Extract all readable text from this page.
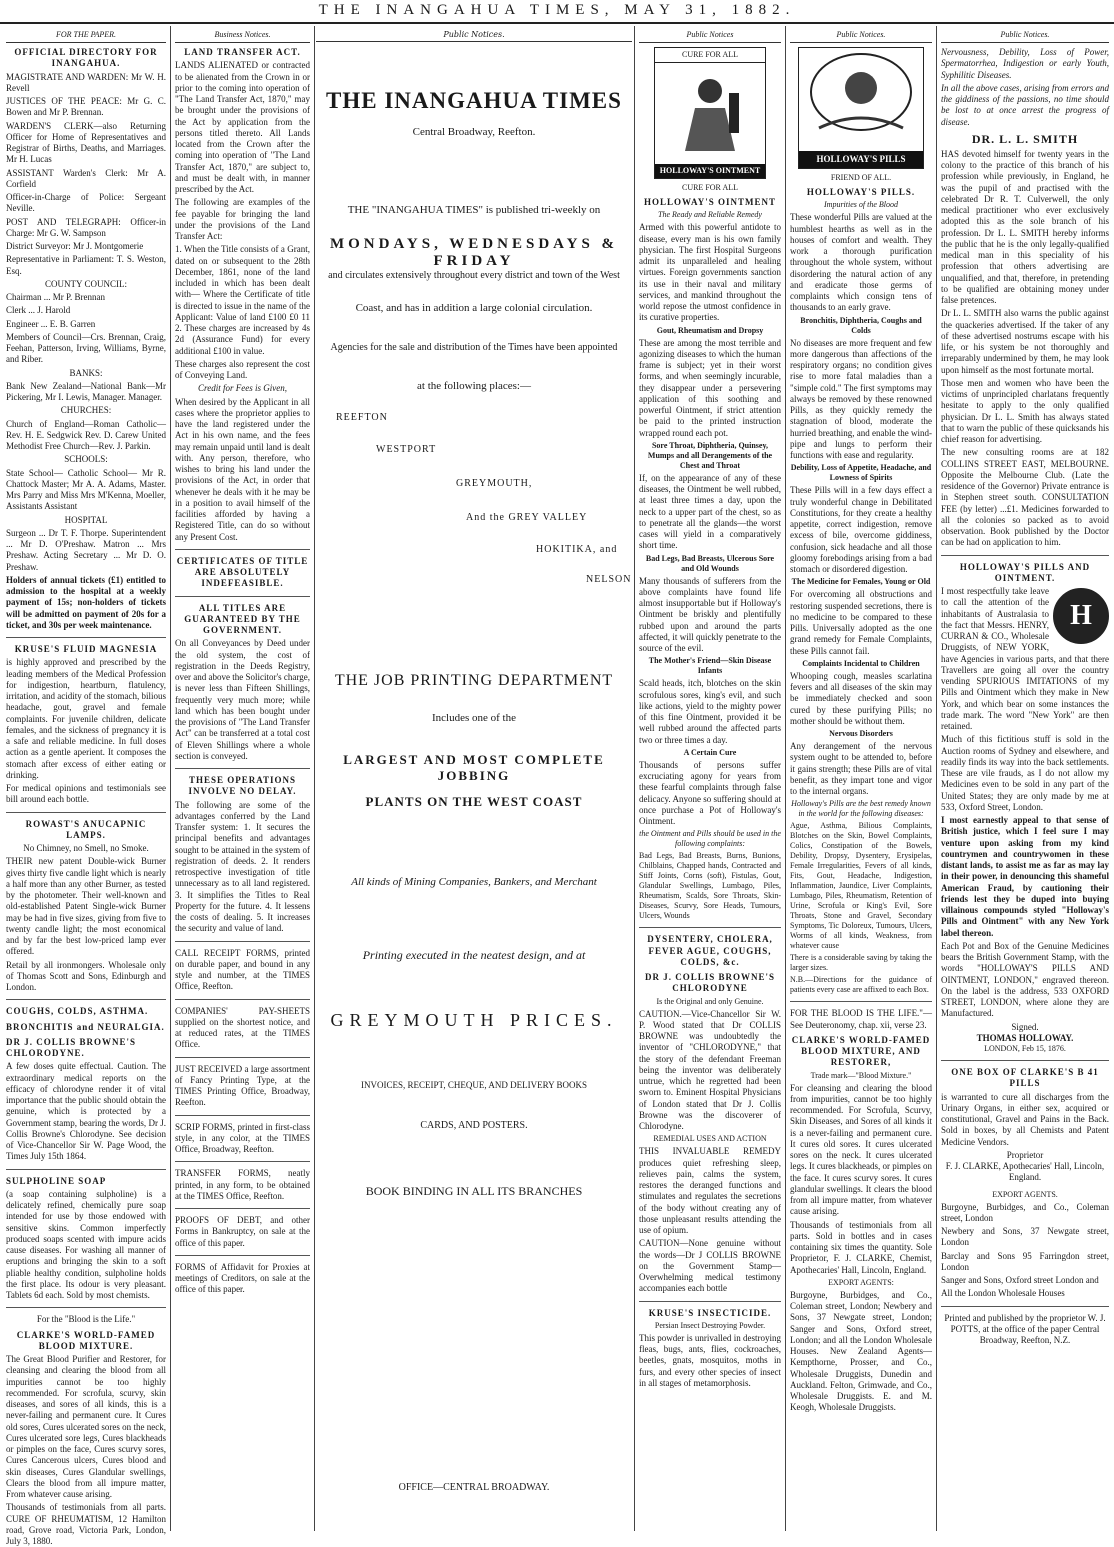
THE INANGAHUA TIMES, MAY 31, 1882.
FOR THE PAPER.
OFFICIAL DIRECTORY FOR INANGAHUA.

MAGISTRATE AND WARDEN: Mr W. H. Revell

JUSTICES OF THE PEACE: Mr G. C. Bowen and Mr P. Brennan.

WARDEN'S CLERK—also Returning Officer for Home of Representatives and Registrar of Births, Deaths, and Marriages. Mr H. Lucas

ASSISTANT Warden's Clerk: Mr A. Corfield

Officer-in-Charge of Police: Sergeant Neville.

POST AND TELEGRAPH: Officer-in Charge: Mr G. W. Sampson

District Surveyor: Mr J. Montgomerie

Representative in Parliament: T. S. Weston, Esq.

COUNTY COUNCIL:

Chairman ... Mr P. Brennan

Clerk ... J. Harold

Engineer ... E. B. Garren

Members of Council—Crs. Brennan, Craig, Feehan, Patterson, Irving, Williams, Byrne, and Riber.

BANKS:

Bank New Zealand—National Bank—Mr Pickering, Mr I. Lewis, Manager. Manager.

CHURCHES:

Church of England—Roman Catholic—Rev. H. E. Sedgwick Rev. D. Carew United Methodist Free Church—Rev. J. Parkin.

SCHOOLS:

State School— Catholic School— Mr R. Chattock Master; Mr A. A. Adams, Master. Mrs Parry and Miss Mrs M'Kenna, Moeller, Assistants Assistant

HOSPITAL

Surgeon ... Dr T. F. Thorpe. Superintendent ... Mr D. O'Preshaw. Matron ... Mrs Preshaw. Acting Secretary ... Mr D. O. Preshaw.

Holders of annual tickets (£1) entitled to admission to the hospital at a weekly payment of 15s; non-holders of tickets will be admitted on payment of 20s for a ticket, and 30s per week maintenance.

KRUSE'S FLUID MAGNESIA

is highly approved and prescribed by the leading members of the Medical Profession for indigestion, heartburn, flatulency, irritation, and acidity of the stomach, bilious headache, gout, gravel and female complaints. For juvenile children, delicate females, and the sickness of pregnancy it is a safe and reliable medicine. In full doses action as a gentle aperient. It composes the stomach after excess of either eating or drinking.

For medical opinions and testimonials see bill around each bottle.

ROWAST'S ANUCAPNIC LAMPS.
No Chimney, no Smell, no Smoke.

THEIR new patent Double-wick Burner gives thirty five candle light which is nearly a half more than any other Burner, as tested by the photometer. Their well-known and old-established Patent Single-wick Burner may be had in five sizes, giving from five to twenty candle light; the most economical and by far the best low-priced lamp ever offered.

Retail by all ironmongers. Wholesale only of Thomas Scott and Sons, Edinburgh and London.

COUGHS, COLDS, ASTHMA.
BRONCHITIS and NEURALGIA.
DR J. COLLIS BROWNE'S CHLORODYNE.

A few doses quite effectual. Caution. The extraordinary medical reports on the efficacy of chlorodyne render it of vital importance that the public should obtain the genuine, which is protected by a Government stamp, bearing the words, Dr J. Collis Browne's Chlorodyne. See decision of Vice-Chancellor Sir W. Page Wood, the Times July 15th 1864.

SULPHOLINE SOAP

(a soap containing sulpholine) is a delicately refined, chemically pure soap intended for use by those endowed with sensitive skins. Common imperfectly produced soaps scented with impure acids cause diseases. For washing all manner of eruptions and bringing the skin to a soft pliable healthy condition, sulpholine holds the first place. Its odour is very pleasant. Tablets 6d each. Sold by most chemists.

For the "Blood is the Life."
CLARKE'S WORLD-FAMED BLOOD MIXTURE.

The Great Blood Purifier and Restorer, for cleansing and clearing the blood from all impurities cannot be too highly recommended. For scrofula, scurvy, skin diseases, and sores of all kinds, this is a never-failing and permanent cure. It Cures old sores, Cures ulcerated sores on the neck, Cures ulcerated sore legs, Cures blackheads or pimples on the face, Cures scurvy sores, Cures Cancerous ulcers, Cures blood and skin diseases, Cures Glandular swellings, Clears the blood from all impure matter, From whatever cause arising.

Thousands of testimonials from all parts. CURE OF RHEUMATISM, 12 Hamilton road, Grove road, Victoria Park, London, July 3, 1880.

Business Notices.
LAND TRANSFER ACT.

LANDS ALIENATED or contracted to be alienated from the Crown in or prior to the coming into operation of "The Land Transfer Act, 1870," may be brought under the provisions of the Act by application from the persons titled thereto. All Lands located from the Crown after the coming into operation of "The Land Transfer Act, 1870," are subject to, and must be dealt with, in manner prescribed by the Act.

The following are examples of the fee payable for bringing the land under the provisions of the Land Transfer Act:

1. When the Title consists of a Grant, dated on or subsequent to the 28th December, 1861, none of the land included in which has been dealt with— Where the Certificate of title is directed to issue in the name of the Applicant: Value of land £100 £0 11 2. These charges are increased by 4s 2d (Assurance Fund) for every additional £100 in value.

These charges also represent the cost of Conveying Land.

Credit for Fees is Given,

When desired by the Applicant in all cases where the proprietor applies to have the land registered under the Act in his own name, and the fees may remain unpaid until land is dealt with. Any person, therefore, who wishes to bring his land under the provisions of the Act, in order that whenever he deals with it he may be in a position to avail himself of the facilities afforded by having a Registered Title, can do so without any Present Cost.

CERTIFICATES OF TITLE ARE ABSOLUTELY INDEFEASIBLE.
ALL TITLES ARE GUARANTEED BY THE GOVERNMENT.

On all Conveyances by Deed under the old system, the cost of registration in the Deeds Registry, over and above the Solicitor's charge, is never less than Fifteen Shillings, frequently very much more; while land which has been bought under the provisions of "The Land Transfer Act" can be transferred at a total cost of Eleven Shillings where a whole section is conveyed.

THESE OPERATIONS INVOLVE NO DELAY.

The following are some of the advantages conferred by the Land Transfer system: 1. It secures the principal benefits and advantages sought to be attained in the system of registration of deeds. 2. It renders retrospective investigation of title unnecessary as to all land registered. 3. It simplifies the Titles to Real Property for the future. 4. It lessens the costs of dealing. 5. It increases the security and value of land.

CALL RECEIPT FORMS, printed on durable paper, and bound in any style and number, at the TIMES Office, Reefton.

COMPANIES' PAY-SHEETS supplied on the shortest notice, and at reduced rates, at the TIMES Office.

JUST RECEIVED a large assortment of Fancy Printing Type, at the TIMES Printing Office, Broadway, Reefton.

SCRIP FORMS, printed in first-class style, in any color, at the TIMES Office, Broadway, Reefton.

TRANSFER FORMS, neatly printed, in any form, to be obtained at the TIMES Office, Reefton.

PROOFS OF DEBT, and other Forms in Bankruptcy, on sale at the office of this paper.

FORMS of Affidavit for Proxies at meetings of Creditors, on sale at the office of this paper.

Public Notices.
THE INANGAHUA TIMES
Central Broadway, Reefton.
THE "INANGAHUA TIMES" is published tri-weekly on
MONDAYS, WEDNESDAYS & FRIDAY
and circulates extensively throughout every district and town of the West
Coast, and has in addition a large colonial circulation.
Agencies for the sale and distribution of the Times have been appointed
at the following places:—
REEFTON
WESTPORT
GREYMOUTH,
And the GREY VALLEY
HOKITIKA, and
NELSON
THE JOB PRINTING DEPARTMENT
Includes one of the
LARGEST AND MOST COMPLETE JOBBING
PLANTS ON THE WEST COAST
All kinds of Mining Companies, Bankers, and Merchant
Printing executed in the neatest design, and at
GREYMOUTH PRICES.
INVOICES, RECEIPT, CHEQUE, AND DELIVERY BOOKS
CARDS, AND POSTERS.
BOOK BINDING IN ALL ITS BRANCHES
OFFICE—CENTRAL BROADWAY.
Public Notices
CURE FOR ALL
HOLLOWAY'S OINTMENT
CURE FOR ALL
HOLLOWAY'S OINTMENT
The Ready and Reliable Remedy

Armed with this powerful antidote to disease, every man is his own family physician. The first Hospital Surgeons admit its unparalleled and healing virtues. Foreign governments sanction its use in their naval and military services, and mankind throughout the world repose the utmost confidence in its curative properties.

Gout, Rheumatism and Dropsy

These are among the most terrible and agonizing diseases to which the human frame is subject; yet in their worst forms, and when seemingly incurable, they disappear under a persevering application of this soothing and powerful Ointment, if strict attention be paid to the printed instruction wrapped round each pot.

Sore Throat, Diphtheria, Quinsey, Mumps and all Derangements of the Chest and Throat

If, on the appearance of any of these diseases, the Ointment be well rubbed, at least three times a day, upon the neck to a upper part of the chest, so as to penetrate all the glands—the worst cases will yield in a comparatively short time.

Bad Legs, Bad Breasts, Ulcerous Sore and Old Wounds

Many thousands of sufferers from the above complaints have found life almost insupportable but if Holloway's Ointment be briskly and plentifully rubbed upon and around the parts affected, it will quickly penetrate to the source of the evil.

The Mother's Friend—Skin Disease Infants

Scald heads, itch, blotches on the skin scrofulous sores, king's evil, and such like actions, yield to the mighty power of this fine Ointment, provided it be well rubbed around the affected parts two or three times a day.

A Certain Cure

Thousands of persons suffer excruciating agony for years from these fearful complaints through false delicacy. Anyone so suffering should at once purchase a Pot of Holloway's Ointment.

the Ointment and Pills should be used in the following complaints:

Bad Legs, Bad Breasts, Burns, Bunions, Chilblains, Chapped hands, Contracted and Stiff Joints, Corns (soft), Fistulas, Gout, Glandular Swellings, Lumbago, Piles, Rheumatism, Scalds, Sore Throats, Skin-Diseases, Scurvy, Sore Heads, Tumours, Ulcers, Wounds

DYSENTERY, CHOLERA, FEVER AGUE, COUGHS, COLDS, &c.
DR J. COLLIS BROWNE'S CHLORODYNE
Is the Original and only Genuine.

CAUTION.—Vice-Chancellor Sir W. P. Wood stated that Dr COLLIS BROWNE was undoubtedly the inventor of "CHLORODYNE," that the story of the defendant Freeman being the inventor was deliberately untrue, which he regretted had been sworn to. Eminent Hospital Physicians of London stated that Dr J. Collis Browne was the discoverer of Chlorodyne.

REMEDIAL USES AND ACTION

THIS INVALUABLE REMEDY produces quiet refreshing sleep, relieves pain, calms the system, restores the deranged functions and stimulates and regulates the secretions of the body without creating any of those unpleasant results attending the use of opium.

CAUTION—None genuine without the words—Dr J COLLIS BROWNE on the Government Stamp—Overwhelming medical testimony accompanies each bottle

KRUSE'S INSECTICIDE.
Persian Insect Destroying Powder.

This powder is unrivalled in destroying fleas, bugs, ants, flies, cockroaches, beetles, gnats, mosquitos, moths in furs, and every other species of insect in all stages of metamorphosis.

Public Notices.
HOLLOWAY'S PILLS
FRIEND OF ALL.
HOLLOWAY'S PILLS.
Impurities of the Blood

These wonderful Pills are valued at the humblest hearths as well as in the houses of comfort and wealth. They work a thorough purification throughout the whole system, without disordering the natural action of any and eradicate those germs of complaints which consign tens of thousands to an early grave.

Bronchitis, Diphtheria, Coughs and Colds

No diseases are more frequent and few more dangerous than affections of the respiratory organs; no condition gives rise to more fatal maladies than a "simple cold." The first symptoms may always be removed by these renowned Pills, as they quickly remedy the stagnation of blood, moderate the hurried breathing, and enable the wind-pipe and lungs to perform their functions with ease and regularity.

Debility, Loss of Appetite, Headache, and Lowness of Spirits

These Pills will in a few days effect a truly wonderful change in Debilitated Constitutions, for they create a healthy appetite, correct indigestion, remove excess of bile, overcome giddiness, confusion, sick headache and all those gloomy forebodings arising from a bad stomach or disordered digestion.

The Medicine for Females, Young or Old

For overcoming all obstructions and restoring suspended secretions, there is no medicine to be compared to these Pills. Universally adopted as the one grand remedy for Female Complaints, these Pills cannot fail.

Complaints Incidental to Children

Whooping cough, measles scarlatina fevers and all diseases of the skin may be immediately checked and soon cured by these purifying Pills; no mother should be without them.

Nervous Disorders

Any derangement of the nervous system ought to be attended to, before it gains strength; these Pills are of vital benefit, as they impart tone and vigor to the internal organs.

Holloway's Pills are the best remedy known in the world for the following diseases:

Ague, Asthma, Bilious Complaints, Blotches on the Skin, Bowel Complaints, Colics, Constipation of the Bowels, Debility, Dropsy, Dysentery, Erysipelas, Female Irregularities, Fevers of all kinds, Fits, Gout, Headache, Indigestion, Inflammation, Jaundice, Liver Complaints, Lumbago, Piles, Rheumatism, Retention of Urine, Scrofula or King's Evil, Sore Throats, Stone and Gravel, Secondary Symptoms, Tic Doloreux, Tumours, Ulcers, Worms of all kinds, Weakness, from whatever cause

There is a considerable saving by taking the larger sizes.

N.B.—Directions for the guidance of patients every case are affixed to each Box.

FOR THE BLOOD IS THE LIFE."—See Deuteronomy, chap. xii, verse 23.

CLARKE'S WORLD-FAMED BLOOD MIXTURE, AND RESTORER,
Trade mark—"Blood Mixture."

For cleansing and clearing the blood from impurities, cannot be too highly recommended. For Scrofula, Scurvy, Skin Diseases, and Sores of all kinds it is a never-failing and permanent cure. It cures old sores. It cures ulcerated sores on the neck. It cures ulcerated legs. It cures blackheads, or pimples on the face. It cures scurvy sores. It cures glandular swellings. It clears the blood from all impure matter, from whatever cause arising.

Thousands of testimonials from all parts. Sold in bottles and in cases containing six times the quantity. Sole Proprietor, F. J. CLARKE, Chemist, Apothecaries' Hall, Lincoln, England.

EXPORT AGENTS:

Burgoyne, Burbidges, and Co., Coleman street, London; Newbery and Sons, 37 Newgate street, London; Sanger and Sons, Oxford street, London; and all the London Wholesale Houses. New Zealand Agents—Kempthorne, Prosser, and Co., Wholesale Druggists, Dunedin and Auckland. Felton, Grimwade, and Co., Wholesale Druggists. E. and M. Keogh, Wholesale Druggists.

Public Notices.

Nervousness, Debility, Loss of Power, Spermatorrhea, Indigestion or early Youth, Syphilitic Diseases.

In all the above cases, arising from errors and the giddiness of the passions, no time should be lost to at once arrest the progress of disease.

DR. L. L. SMITH

HAS devoted himself for twenty years in the colony to the practice of this branch of his profession while previously, in England, he was the pupil of and practised with the celebrated Dr R. T. Culverwell, the only medical practitioner who ever exclusively adopted this as the sole branch of his profession. Dr L. L. SMITH hereby informs the public that he is the only legally-qualified medical man in this speciality of his profession that others advertising are unqualified, and that, therefore, in pretending to be qualified are obtaining money under false pretences.

Dr L. L. SMITH also warns the public against the quackeries advertised. If the taker of any of these advertised nostrums escape with his life, or his system be not thoroughly and irreparably undermined by them, he may look upon himself as the most fortunate mortal.

Those men and women who have been the victims of unprincipled charlatans frequently hesitate to apply to the only qualified physician. Dr L. L. Smith has always stated that to warn the public of these quicksands his chief reason for advertising.

The new consulting rooms are at 182 COLLINS STREET EAST, MELBOURNE. Opposite the Melbourne Club. (Late the residence of the Governor) Private entrance is in Stephen street south. CONSULTATION FEE (by letter) ...£1. Medicines forwarded to all the colonies so packed as to avoid observation. Book published by the Doctor can be had on application to him.

HOLLOWAY'S PILLS AND OINTMENT.
H

I most respectfully take leave to call the attention of the inhabitants of Australasia to the fact that Messrs. HENRY, CURRAN & CO., Wholesale Druggists, of NEW YORK, have Agencies in various parts, and that there Travellers are going all over the country vending SPURIOUS IMITATIONS of my Pills and Ointment which they make in New York, and which bear on some instances the trade mark. The word "New York" are then retained.

Much of this fictitious stuff is sold in the Auction rooms of Sydney and elsewhere, and readily finds its way into the back settlements. These are vile frauds, as I do not allow my Medicines even to be sold in any part of the United States; they are only made by me at 533, Oxford Street, London.

I most earnestly appeal to that sense of British justice, which I feel sure I may venture upon asking from my kind countrymen and countrywomen in these distant lands, to assist me as far as may lay in their power, in denouncing this shameful American Fraud, by cautioning their friends lest they be duped into buying villainous compounds styled "Holloway's Pills and Ointment" with any New York label thereon.

Each Pot and Box of the Genuine Medicines bears the British Government Stamp, with the words "HOLLOWAY'S PILLS AND OINTMENT, LONDON," engraved thereon. On the label is the address, 533 OXFORD STREET, LONDON, where alone they are Manufactured.

Signed.
THOMAS HOLLOWAY.
LONDON, Feb 15, 1876.
ONE BOX OF CLARKE'S B 41 PILLS

is warranted to cure all discharges from the Urinary Organs, in either sex, acquired or constitutional, Gravel and Pains in the Back. Sold in boxes, by all Chemists and Patent Medicine Vendors.

Proprietor
F. J. CLARKE, Apothecaries' Hall, Lincoln, England.
EXPORT AGENTS.

Burgoyne, Burbidges, and Co., Coleman street, London

Newbery and Sons, 37 Newgate street, London

Barclay and Sons 95 Farringdon street, London

Sanger and Sons, Oxford street London and

All the London Wholesale Houses

Printed and published by the proprietor W. J. POTTS, at the office of the paper Central Broadway, Reefton, N.Z.
